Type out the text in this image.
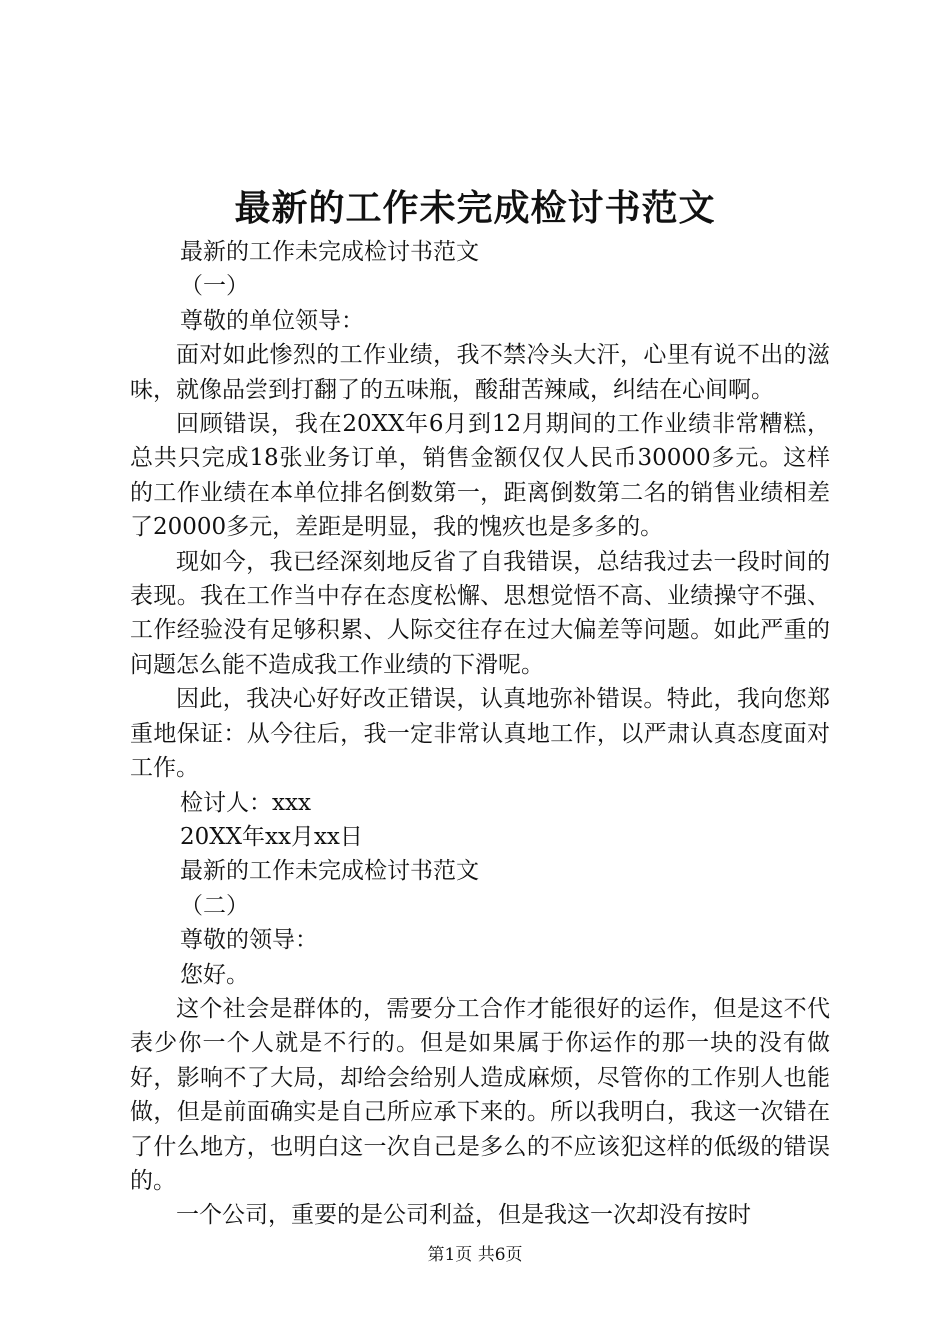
最新的工作未完成检讨书范文

最新的工作未完成检讨书范文

（一）

尊敬的单位领导：

面对如此惨烈的工作业绩，我不禁冷头大汗，心里有说不出的滋味，就像品尝到打翻了的五味瓶，酸甜苦辣咸，纠结在心间啊。

回顾错误，我在20XX年6月到12月期间的工作业绩非常糟糕，总共只完成18张业务订单，销售金额仅仅人民币30000多元。这样的工作业绩在本单位排名倒数第一，距离倒数第二名的销售业绩相差了20000多元，差距是明显，我的愧疚也是多多的。

现如今，我已经深刻地反省了自我错误，总结我过去一段时间的表现。我在工作当中存在态度松懈、思想觉悟不高、业绩操守不强、工作经验没有足够积累、人际交往存在过大偏差等问题。如此严重的问题怎么能不造成我工作业绩的下滑呢。

因此，我决心好好改正错误，认真地弥补错误。特此，我向您郑重地保证：从今往后，我一定非常认真地工作，以严肃认真态度面对工作。

检讨人：xxx

20XX年xx月xx日

最新的工作未完成检讨书范文

（二）

尊敬的领导：

您好。

这个社会是群体的，需要分工合作才能很好的运作，但是这不代表少你一个人就是不行的。但是如果属于你运作的那一块的没有做好，影响不了大局，却给会给别人造成麻烦，尽管你的工作别人也能做，但是前面确实是自己所应承下来的。所以我明白，我这一次错在了什么地方，也明白这一次自己是多么的不应该犯这样的低级的错误的。

一个公司，重要的是公司利益，但是我这一次却没有按时

第1页 共6页
